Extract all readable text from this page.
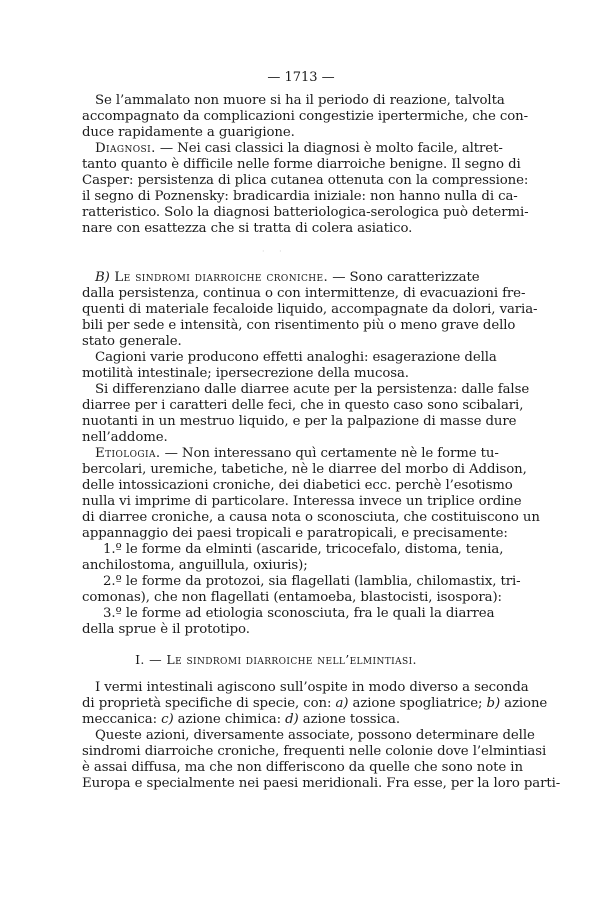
— 1713 —
Se l’ammalato non muore si ha il periodo di reazione, talvolta
accompagnato da complicazioni congestizie ipertermiche, che con-
duce rapidamente a guarigione.
Diagnosi. — Nei casi classici la diagnosi è molto facile, altret-
tanto quanto è difficile nelle forme diarroiche benigne. Il segno di
Casper: persistenza di plica cutanea ottenuta con la compressione:
il segno di Poznensky: bradicardia iniziale: non hanno nulla di ca-
ratteristico. Solo la diagnosi batteriologica-serologica può determi-
nare con esattezza che si tratta di colera asiatico.
· ·
B) Le sindromi diarroiche croniche. — Sono caratterizzate
dalla persistenza, continua o con intermittenze, di evacuazioni fre-
quenti di materiale fecaloide liquido, accompagnate da dolori, varia-
bili per sede e intensità, con risentimento più o meno grave dello
stato generale.
Cagioni varie producono effetti analoghi: esagerazione della
motilità intestinale; ipersecrezione della mucosa.
Si differenziano dalle diarree acute per la persistenza: dalle false
diarree per i caratteri delle feci, che in questo caso sono scibalari,
nuotanti in un mestruo liquido, e per la palpazione di masse dure
nell’addome.
Etiologia. — Non interessano quì certamente nè le forme tu-
bercolari, uremiche, tabetiche, nè le diarree del morbo di Addison,
delle intossicazioni croniche, dei diabetici ecc. perchè l’esotismo
nulla vi imprime di particolare. Interessa invece un triplice ordine
di diarree croniche, a causa nota o sconosciuta, che costituiscono un
appannaggio dei paesi tropicali e paratropicali, e precisamente:
1.º le forme da elminti (ascaride, tricocefalo, distoma, tenia,
anchilostoma, anguillula, oxiuris);
2.º le forme da protozoi, sia flagellati (lamblia, chilomastix, tri-
comonas), che non flagellati (entamoeba, blastocisti, isospora):
3.º le forme ad etiologia sconosciuta, fra le quali la diarrea
della sprue è il prototipo.
I. — Le sindromi diarroiche nell’elmintiasi.
I vermi intestinali agiscono sull’ospite in modo diverso a seconda
di proprietà specifiche di specie, con: a) azione spogliatrice; b) azione
meccanica: c) azione chimica: d) azione tossica.
Queste azioni, diversamente associate, possono determinare delle
sindromi diarroiche croniche, frequenti nelle colonie dove l’elmintiasi
è assai diffusa, ma che non differiscono da quelle che sono note in
Europa e specialmente nei paesi meridionali. Fra esse, per la loro parti-
